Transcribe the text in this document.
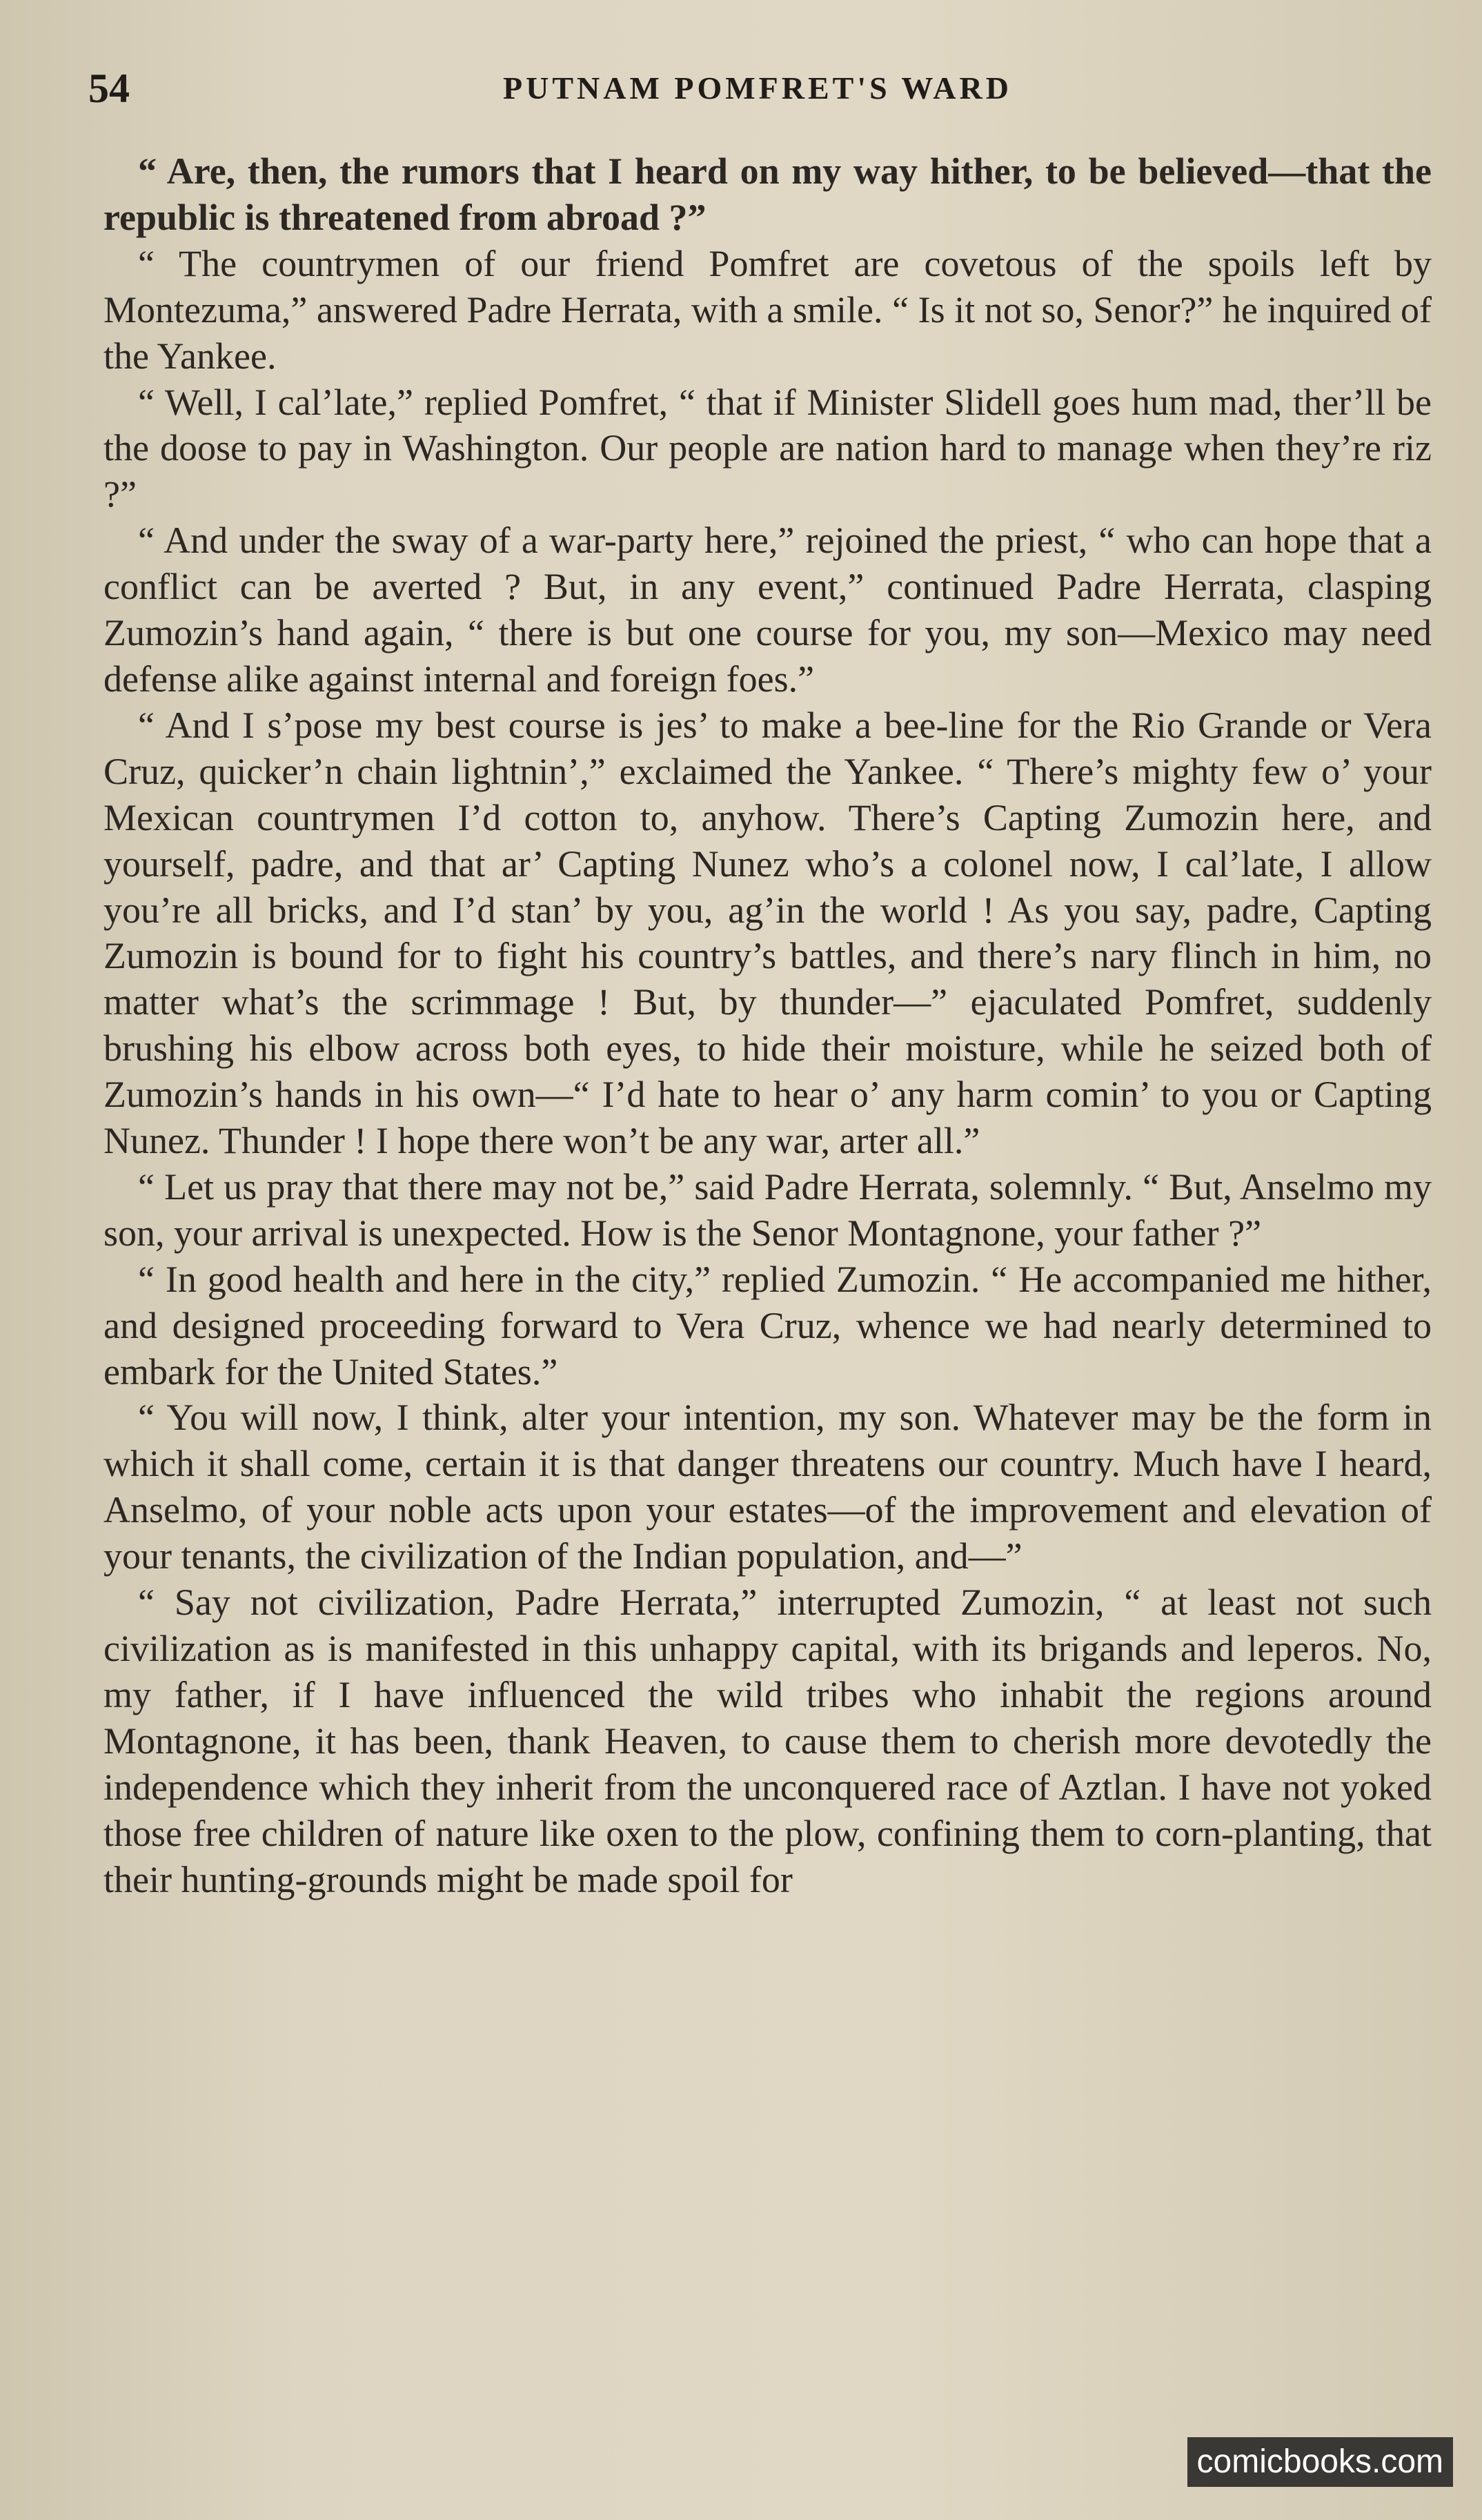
54	PUTNAM POMFRET'S WARD

“ Are, then, the rumors that I heard on my way hither, to be believed—that the republic is threatened from abroad ?”

“ The countrymen of our friend Pomfret are covetous of the spoils left by Montezuma,” answered Padre Herrata, with a smile. “ Is it not so, Senor?” he inquired of the Yankee.

“ Well, I cal’late,” replied Pomfret, “ that if Minister Slidell goes hum mad, ther’ll be the doose to pay in Washington. Our people are nation hard to manage when they’re riz ?”

“ And under the sway of a war-party here,” rejoined the priest, “ who can hope that a conflict can be averted ? But, in any event,” continued Padre Herrata, clasping Zumozin’s hand again, “ there is but one course for you, my son—Mexico may need defense alike against internal and foreign foes.”

“ And I s’pose my best course is jes’ to make a bee-line for the Rio Grande or Vera Cruz, quicker’n chain lightnin’,” exclaimed the Yankee. “ There’s mighty few o’ your Mexican countrymen I’d cotton to, anyhow. There’s Capting Zumozin here, and yourself, padre, and that ar’ Capting Nunez who’s a colonel now, I cal’late, I allow you’re all bricks, and I’d stan’ by you, ag’in the world ! As you say, padre, Capting Zumozin is bound for to fight his country’s battles, and there’s nary flinch in him, no matter what’s the scrimmage ! But, by thunder—” ejaculated Pomfret, suddenly brushing his elbow across both eyes, to hide their moisture, while he seized both of Zumozin’s hands in his own—“ I’d hate to hear o’ any harm comin’ to you or Capting Nunez. Thunder ! I hope there won’t be any war, arter all.”

“ Let us pray that there may not be,” said Padre Herrata, solemnly. “ But, Anselmo my son, your arrival is unexpected. How is the Senor Montagnone, your father ?”

“ In good health and here in the city,” replied Zumozin. “ He accompanied me hither, and designed proceeding forward to Vera Cruz, whence we had nearly determined to embark for the United States.”

“ You will now, I think, alter your intention, my son. Whatever may be the form in which it shall come, certain it is that danger threatens our country. Much have I heard, Anselmo, of your noble acts upon your estates—of the improvement and elevation of your tenants, the civilization of the Indian population, and—”

“ Say not civilization, Padre Herrata,” interrupted Zumozin, “ at least not such civilization as is manifested in this unhappy capital, with its brigands and leperos. No, my father, if I have influenced the wild tribes who inhabit the regions around Montagnone, it has been, thank Heaven, to cause them to cherish more devotedly the independence which they inherit from the unconquered race of Aztlan. I have not yoked those free children of nature like oxen to the plow, confining them to corn-planting, that their hunting-grounds might be made spoil for

comicbooks.com
